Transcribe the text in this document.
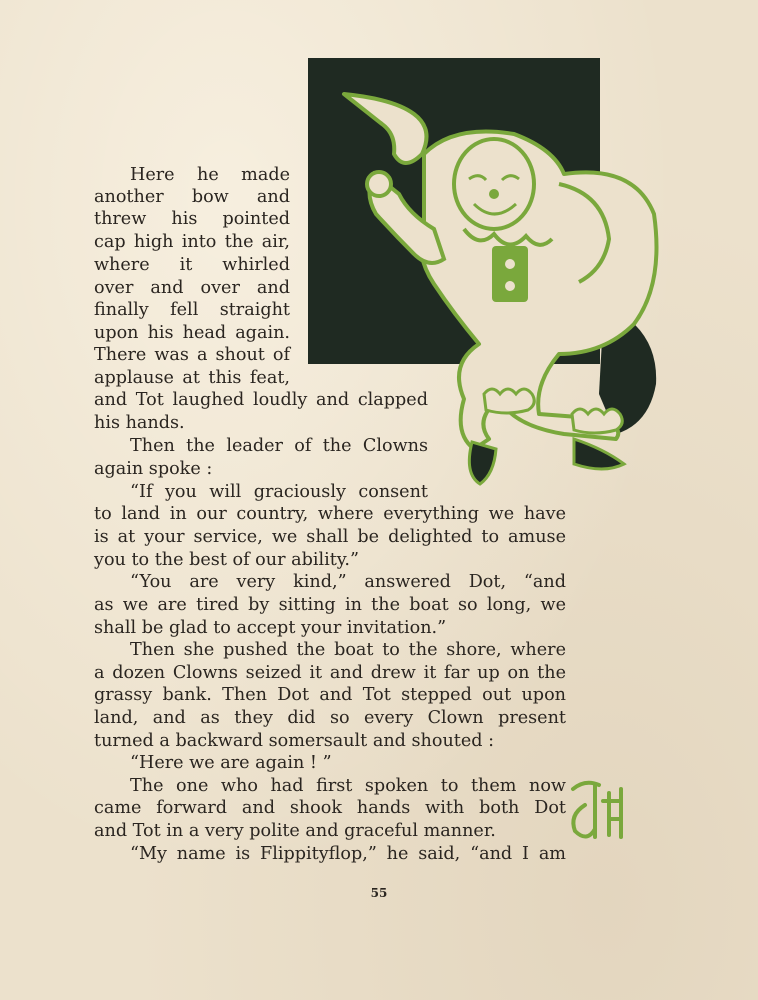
Here he made
another bow and
threw his pointed
cap high into the air,
where it whirled
over and over and
finally fell straight
upon his head again.
There was a shout of
applause at this feat,
and Tot laughed loudly and clapped
his hands.
Then the leader of the Clowns
again spoke :
“If you will graciously consent
to land in our country, where everything we have
is at your service, we shall be delighted to amuse
you to the best of our ability.”
“You are very kind,” answered Dot, “and
as we are tired by sitting in the boat so long, we
shall be glad to accept your invitation.”
Then she pushed the boat to the shore, where
a dozen Clowns seized it and drew it far up on the
grassy bank. Then Dot and Tot stepped out upon
land, and as they did so every Clown present
turned a backward somersault and shouted :
“Here we are again ! ”
The one who had first spoken to them now
came forward and shook hands with both Dot
and Tot in a very polite and graceful manner.
“My name is Flippityflop,” he said, “and I am
55
